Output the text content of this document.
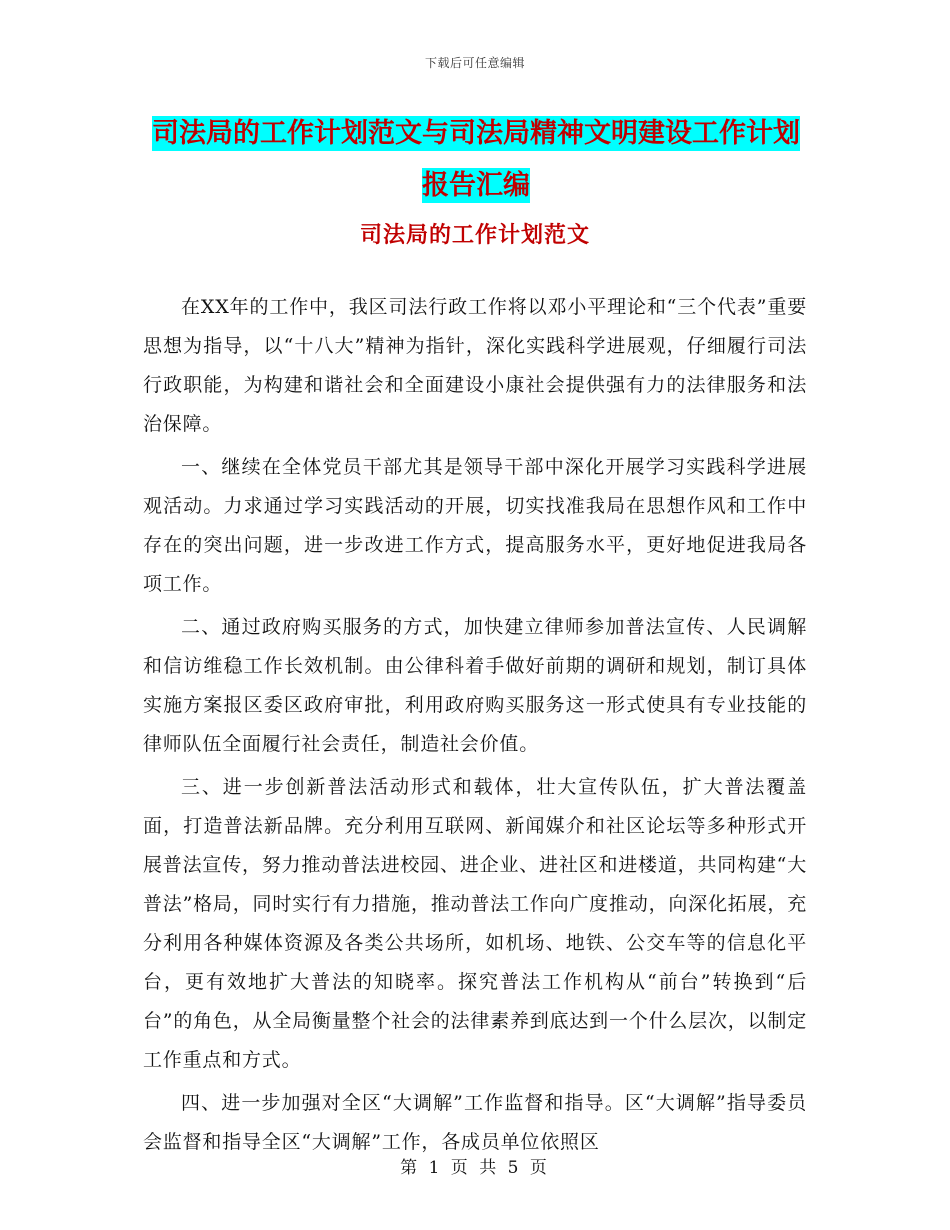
下载后可任意编辑
司法局的工作计划范文与司法局精神文明建设工作计划报告汇编
司法局的工作计划范文

在XX年的工作中，我区司法行政工作将以邓小平理论和“三个代表”重要思想为指导，以“十八大”精神为指针，深化实践科学进展观，仔细履行司法行政职能，为构建和谐社会和全面建设小康社会提供强有力的法律服务和法治保障。

一、继续在全体党员干部尤其是领导干部中深化开展学习实践科学进展观活动。力求通过学习实践活动的开展，切实找准我局在思想作风和工作中存在的突出问题，进一步改进工作方式，提高服务水平，更好地促进我局各项工作。

二、通过政府购买服务的方式，加快建立律师参加普法宣传、人民调解和信访维稳工作长效机制。由公律科着手做好前期的调研和规划，制订具体实施方案报区委区政府审批，利用政府购买服务这一形式使具有专业技能的律师队伍全面履行社会责任，制造社会价值。

三、进一步创新普法活动形式和载体，壮大宣传队伍，扩大普法覆盖面，打造普法新品牌。充分利用互联网、新闻媒介和社区论坛等多种形式开展普法宣传，努力推动普法进校园、进企业、进社区和进楼道，共同构建“大普法”格局，同时实行有力措施，推动普法工作向广度推动，向深化拓展，充分利用各种媒体资源及各类公共场所，如机场、地铁、公交车等的信息化平台，更有效地扩大普法的知晓率。探究普法工作机构从“前台”转换到“后台”的角色，从全局衡量整个社会的法律素养到底达到一个什么层次，以制定工作重点和方式。

四、进一步加强对全区“大调解”工作监督和指导。区“大调解”指导委员会监督和指导全区“大调解”工作，各成员单位依照区

第 1 页 共 5 页
